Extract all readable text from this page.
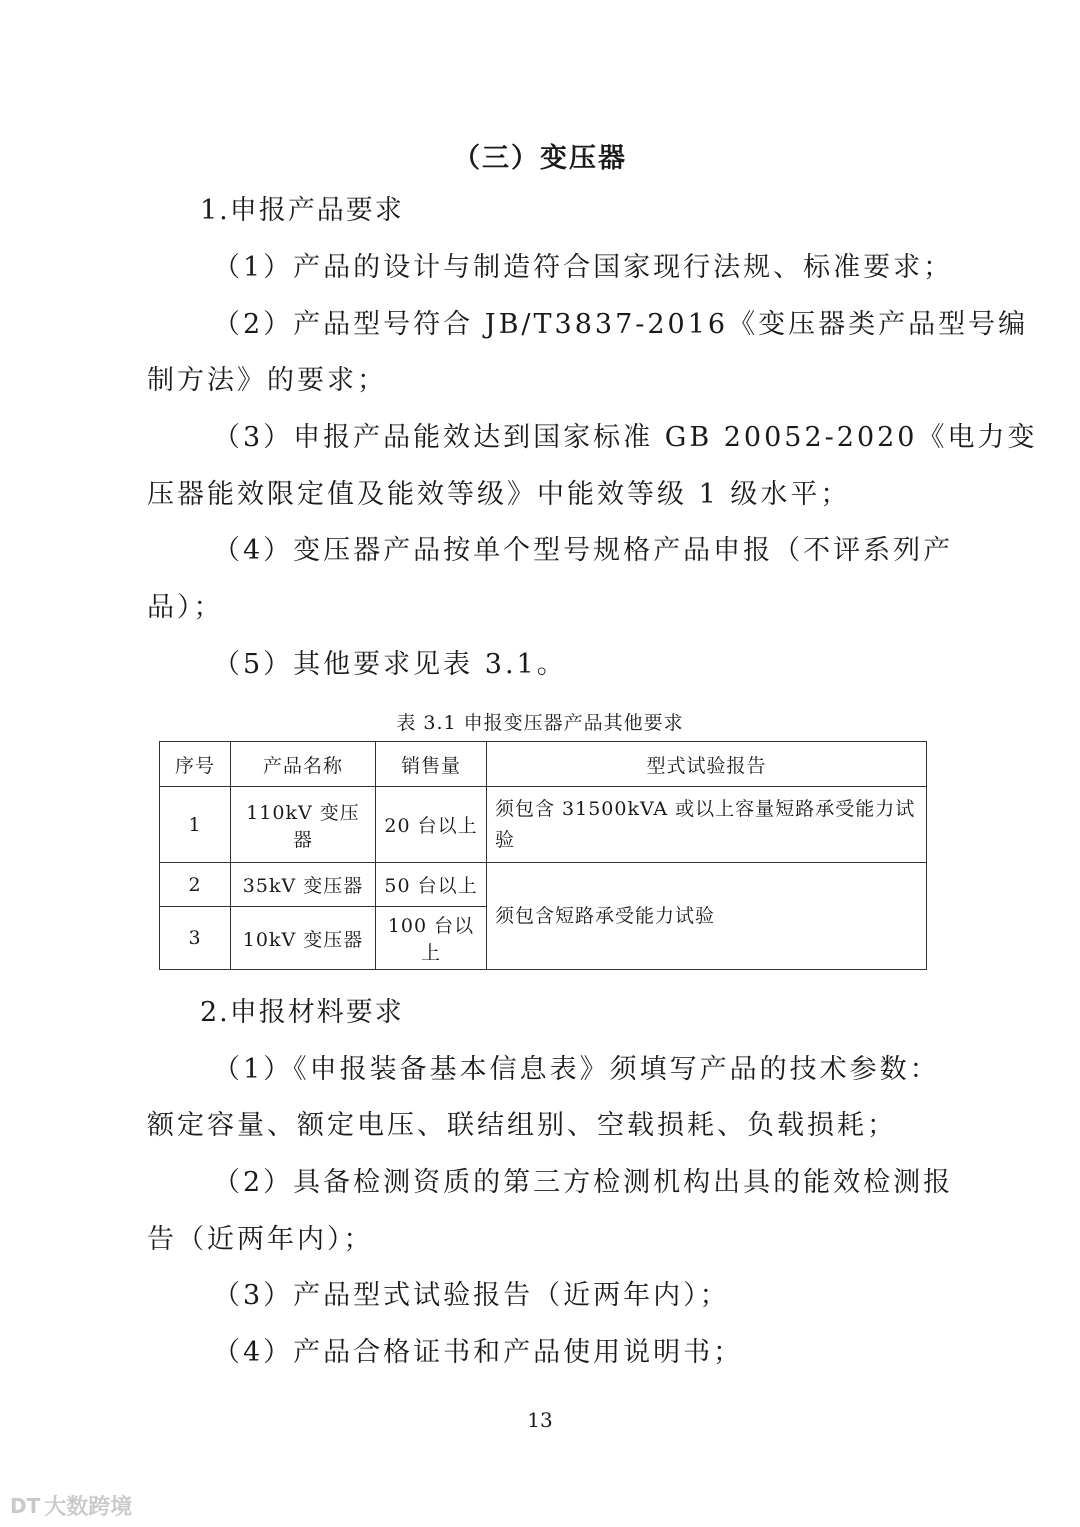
（三）变压器
1.申报产品要求
（1）产品的设计与制造符合国家现行法规、标准要求；
（2）产品型号符合 JB/T3837-2016《变压器类产品型号编
制方法》的要求；
（3）申报产品能效达到国家标准 GB 20052-2020《电力变
压器能效限定值及能效等级》中能效等级 1 级水平；
（4）变压器产品按单个型号规格产品申报（不评系列产
品）；
（5）其他要求见表 3.1。
表 3.1 申报变压器产品其他要求
序号	产品名称	销售量	型式试验报告
1	110kV 变压器	20 台以上	须包含 31500kVA 或以上容量短路承受能力试验
2	35kV 变压器	50 台以上	须包含短路承受能力试验
3	10kV 变压器	100 台以上	
2.申报材料要求
（1）《申报装备基本信息表》须填写产品的技术参数：
额定容量、额定电压、联结组别、空载损耗、负载损耗；
（2）具备检测资质的第三方检测机构出具的能效检测报
告（近两年内）；
（3）产品型式试验报告（近两年内）；
（4）产品合格证书和产品使用说明书；
13
DT 大数跨境
